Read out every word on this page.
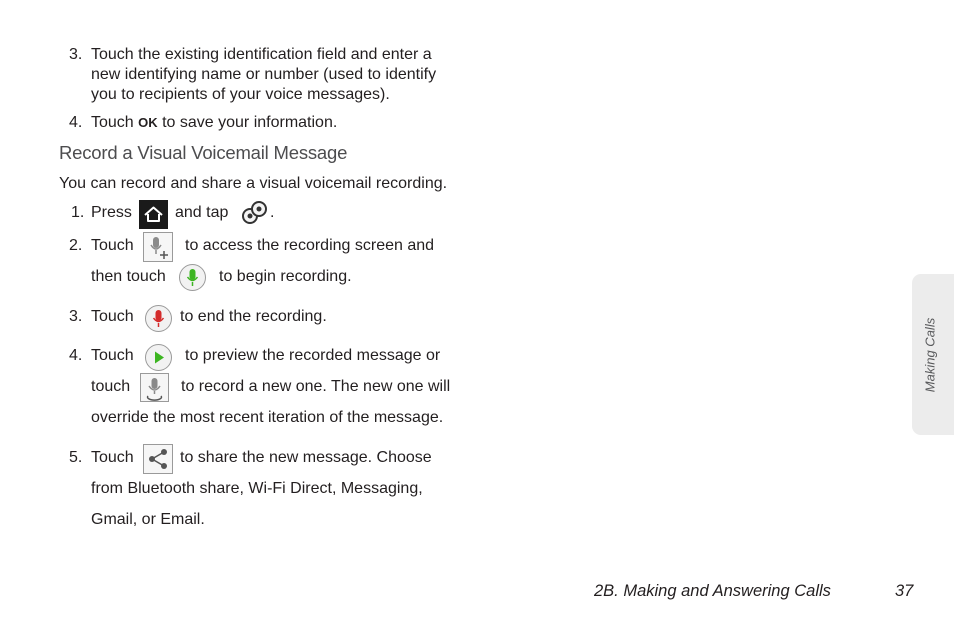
3. Touch the existing identification field and enter a
new identifying name or number (used to identify
you to recipients of your voice messages).
4. Touch OK to save your information.
Record a Visual Voicemail Message
You can record and share a visual voicemail recording.
1. Press	and tap	.
2. Touch	to access the recording screen and
then touch	to begin recording.
3. Touch	to end the recording.
4. Touch	to preview the recorded message or
touch	to record a new one. The new one will
override the most recent iteration of the message.
5. Touch	to share the new message. Choose
from Bluetooth share, Wi-Fi Direct, Messaging,
Gmail, or Email.
Making Calls
2B. Making and Answering Calls	37
